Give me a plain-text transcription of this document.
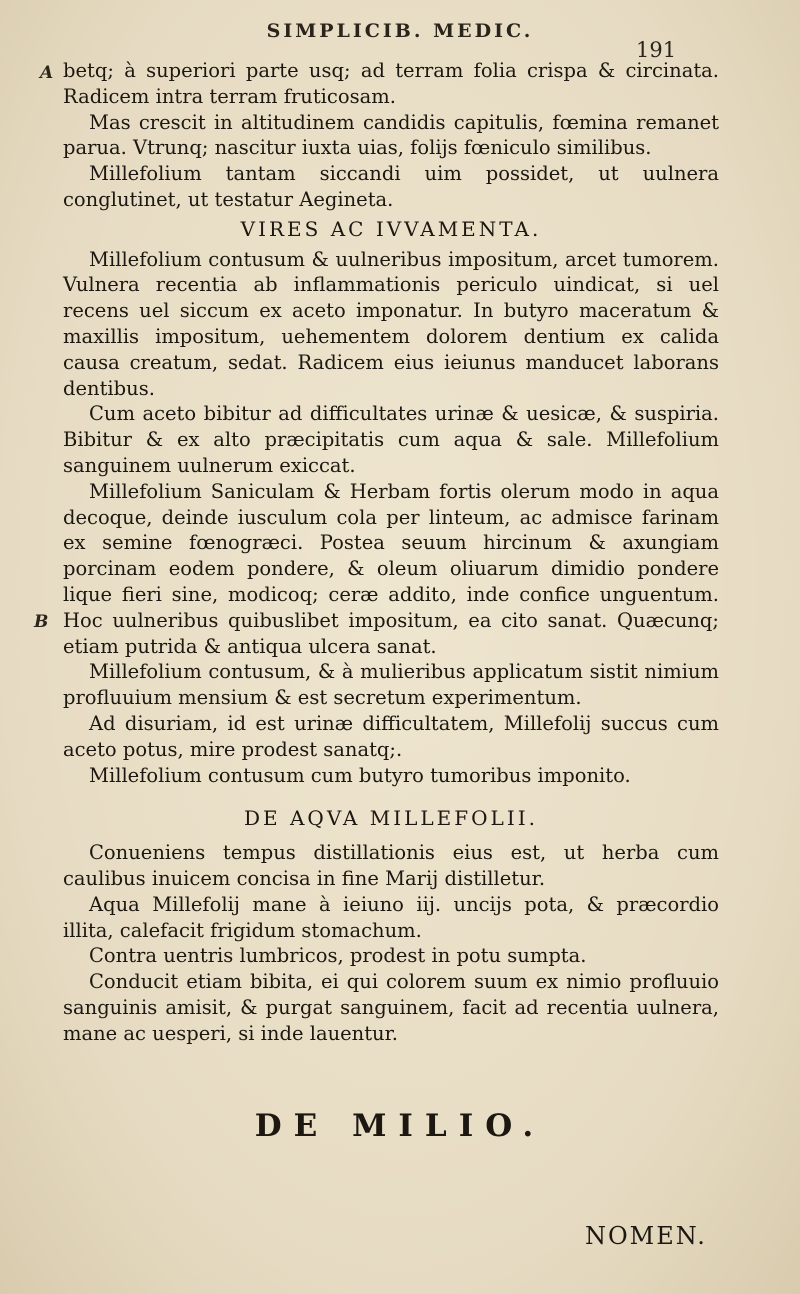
SIMPLICIB. MEDIC.
191
A
B

betq; à superiori parte usq; ad terram folia crispa & circinata. Radicem intra terram fruticosam.

Mas crescit in altitudinem candidis capitulis, fœmina remanet parua. Vtrunq; nascitur iuxta uias, folijs fœniculo similibus.

Millefolium tantam siccandi uim possidet, ut uulnera conglutinet, ut testatur Aegineta.

VIRES AC IVVAMENTA.

Millefolium contusum & uulneribus impositum, arcet tumorem. Vulnera recentia ab inflammationis periculo uindicat, si uel recens uel siccum ex aceto imponatur. In butyro maceratum & maxillis impositum, uehementem dolorem dentium ex calida causa creatum, sedat. Radicem eius ieiunus manducet laborans dentibus.

Cum aceto bibitur ad difficultates urinæ & uesicæ, & suspiria. Bibitur & ex alto præcipitatis cum aqua & sale. Millefolium sanguinem uulnerum exiccat.

Millefolium Saniculam & Herbam fortis olerum modo in aqua decoque, deinde iusculum cola per linteum, ac admisce farinam ex semine fœnogræci. Postea seuum hircinum & axungiam porcinam eodem pondere, & oleum oliuarum dimidio pondere lique fieri sine, modicoq; ceræ addito, inde confice unguentum. Hoc uulneribus quibuslibet impositum, ea cito sanat. Quæcunq; etiam putrida & antiqua ulcera sanat.

Millefolium contusum, & à mulieribus applicatum sistit nimium profluuium mensium & est secretum experimentum.

Ad disuriam, id est urinæ difficultatem, Millefolij succus cum aceto potus, mire prodest sanatq;.

Millefolium contusum cum butyro tumoribus imponito.

DE AQVA MILLEFOLII.

Conueniens tempus distillationis eius est, ut herba cum caulibus inuicem concisa in fine Marij distilletur.

Aqua Millefolij mane à ieiuno iij. uncijs pota, & præcordio illita, calefacit frigidum stomachum.

Contra uentris lumbricos, prodest in potu sumpta.

Conducit etiam bibita, ei qui colorem suum ex nimio profluuio sanguinis amisit, & purgat sanguinem, facit ad recentia uulnera, mane ac uesperi, si inde lauentur.

DE MILIO.
NOMEN.
